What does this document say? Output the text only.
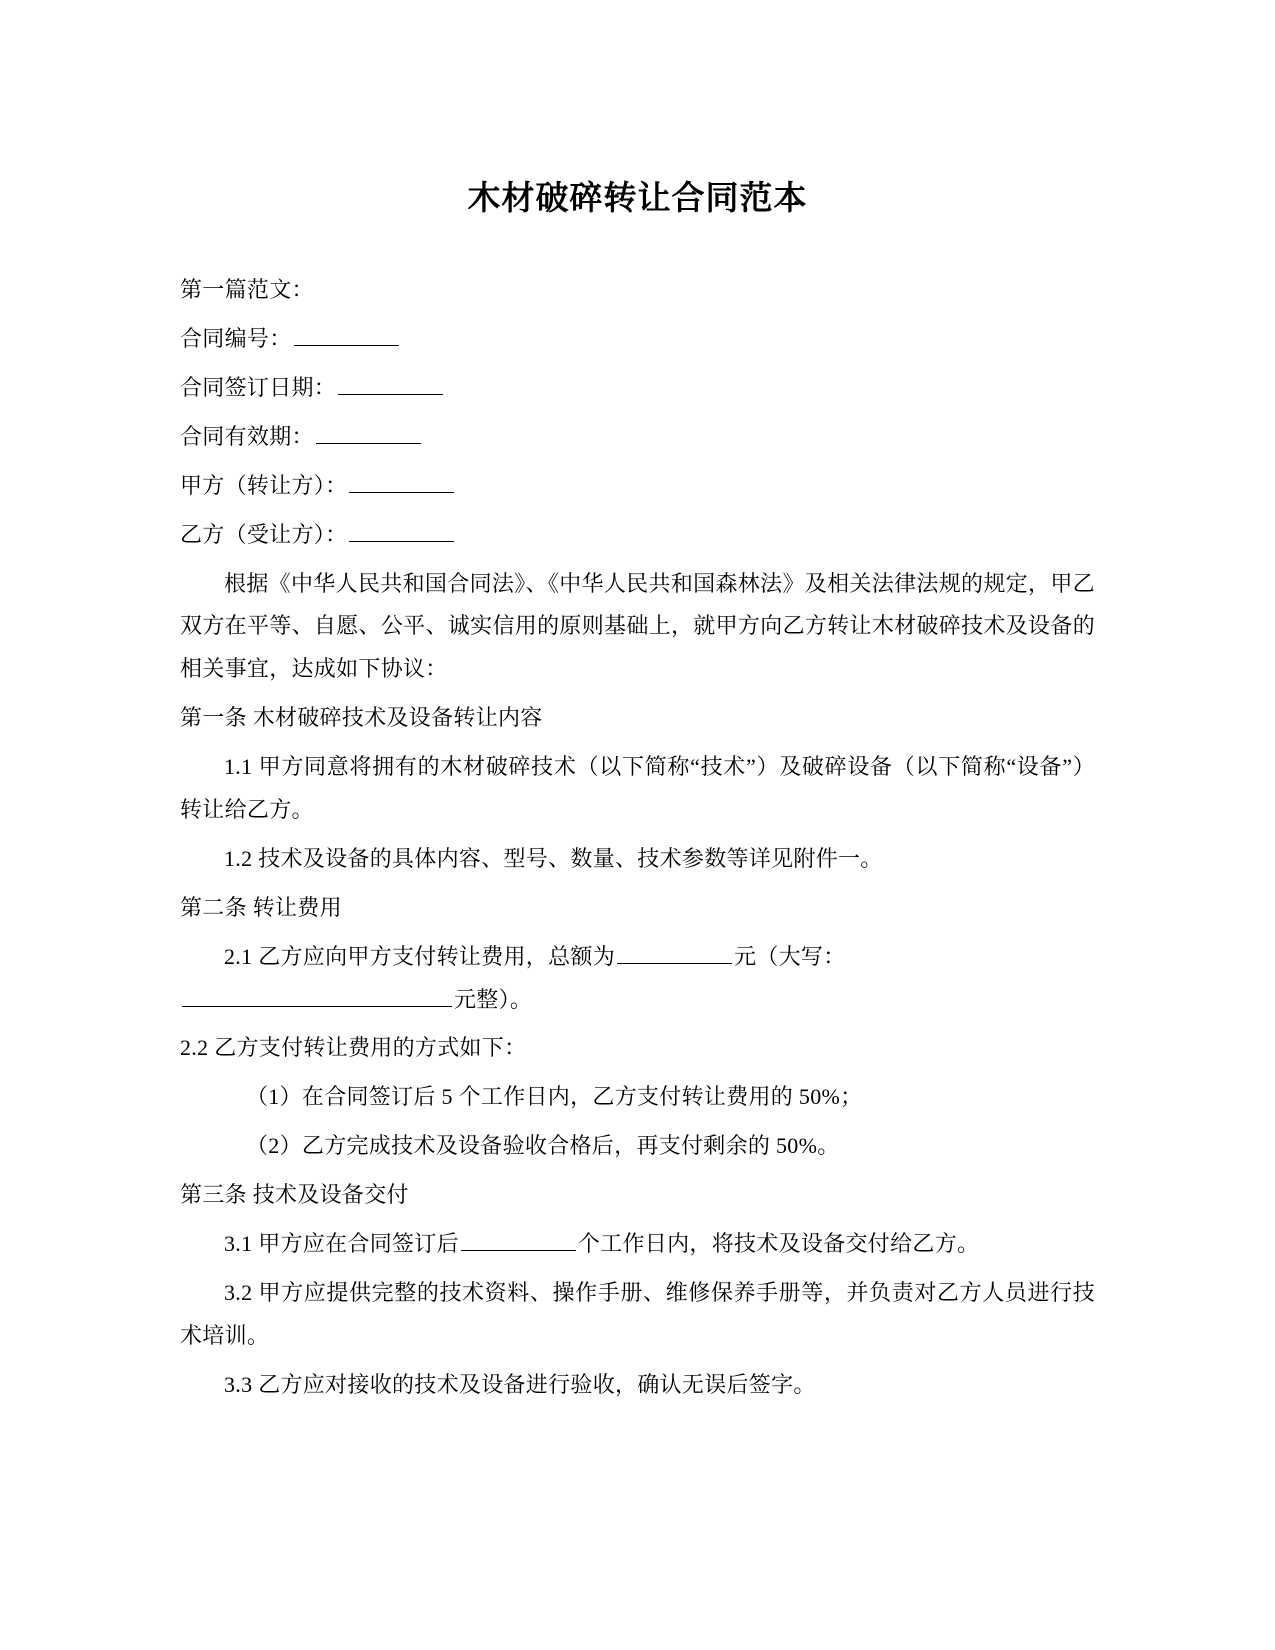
木材破碎转让合同范本

第一篇范文：

合同编号：

合同签订日期：

合同有效期：

甲方（转让方）：

乙方（受让方）：

根据《中华人民共和国合同法》、《中华人民共和国森林法》及相关法律法规的规定，甲乙双方在平等、自愿、公平、诚实信用的原则基础上，就甲方向乙方转让木材破碎技术及设备的相关事宜，达成如下协议：

第一条 木材破碎技术及设备转让内容

1.1 甲方同意将拥有的木材破碎技术（以下简称“技术”）及破碎设备（以下简称“设备”）转让给乙方。

1.2 技术及设备的具体内容、型号、数量、技术参数等详见附件一。

第二条 转让费用

2.1 乙方应向甲方支付转让费用，总额为	元（大写：
元整）。

2.2 乙方支付转让费用的方式如下：

（1）在合同签订后 5 个工作日内，乙方支付转让费用的 50%；

（2）乙方完成技术及设备验收合格后，再支付剩余的 50%。

第三条 技术及设备交付

3.1 甲方应在合同签订后	个工作日内，将技术及设备交付给乙方。

3.2 甲方应提供完整的技术资料、操作手册、维修保养手册等，并负责对乙方人员进行技术培训。

3.3 乙方应对接收的技术及设备进行验收，确认无误后签字。
